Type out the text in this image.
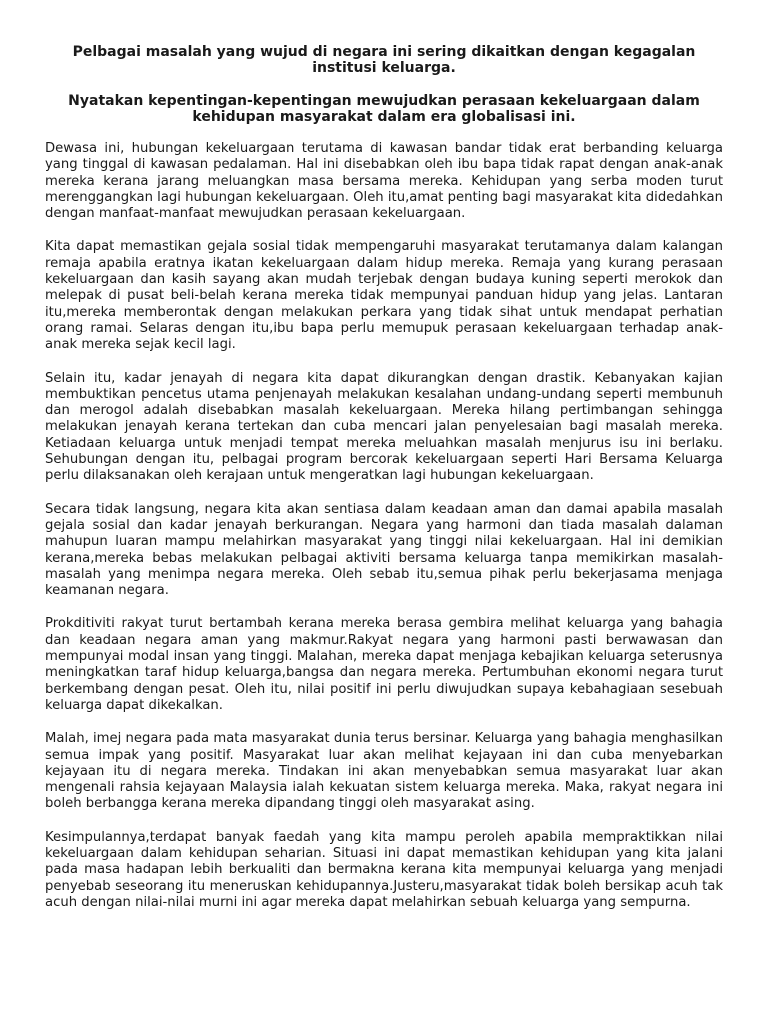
Pelbagai masalah yang wujud di negara ini sering dikaitkan dengan kegagalan institusi keluarga.

Nyatakan kepentingan-kepentingan mewujudkan perasaan kekeluargaan dalam kehidupan masyarakat dalam era globalisasi ini.

Dewasa ini, hubungan kekeluargaan terutama di kawasan bandar tidak erat berbanding keluarga yang tinggal di kawasan pedalaman. Hal ini disebabkan oleh ibu bapa tidak rapat dengan anak-anak mereka kerana jarang meluangkan masa bersama mereka. Kehidupan yang serba moden turut merenggangkan lagi hubungan kekeluargaan. Oleh itu,amat penting bagi masyarakat kita didedahkan dengan manfaat-manfaat mewujudkan perasaan kekeluargaan.

Kita dapat memastikan gejala sosial tidak mempengaruhi masyarakat terutamanya dalam kalangan remaja apabila eratnya ikatan kekeluargaan dalam hidup mereka. Remaja yang kurang perasaan kekeluargaan dan kasih sayang akan mudah terjebak dengan budaya kuning seperti merokok dan melepak di pusat beli-belah kerana mereka tidak mempunyai panduan hidup yang jelas. Lantaran itu,mereka memberontak dengan melakukan perkara yang tidak sihat untuk mendapat perhatian orang ramai. Selaras dengan itu,ibu bapa perlu memupuk perasaan kekeluargaan terhadap anak-anak mereka sejak kecil lagi.

Selain itu, kadar jenayah di negara kita dapat dikurangkan dengan drastik. Kebanyakan kajian membuktikan pencetus utama penjenayah melakukan kesalahan undang-undang seperti membunuh dan merogol adalah disebabkan masalah kekeluargaan. Mereka hilang pertimbangan sehingga melakukan jenayah kerana tertekan dan cuba mencari jalan penyelesaian bagi masalah mereka. Ketiadaan keluarga untuk menjadi tempat mereka meluahkan masalah menjurus isu ini berlaku. Sehubungan dengan itu, pelbagai program bercorak kekeluargaan seperti Hari Bersama Keluarga perlu dilaksanakan oleh kerajaan untuk mengeratkan lagi hubungan kekeluargaan.

Secara tidak langsung, negara kita akan sentiasa dalam keadaan aman dan damai apabila masalah gejala sosial dan kadar jenayah berkurangan. Negara yang harmoni dan tiada masalah dalaman mahupun luaran mampu melahirkan masyarakat yang tinggi nilai kekeluargaan. Hal ini demikian kerana,mereka bebas melakukan pelbagai aktiviti bersama keluarga tanpa memikirkan masalah-masalah yang menimpa negara mereka. Oleh sebab itu,semua pihak perlu bekerjasama menjaga keamanan negara.

Prokditiviti rakyat turut bertambah kerana mereka berasa gembira melihat keluarga yang bahagia dan keadaan negara aman yang makmur.Rakyat negara yang harmoni pasti berwawasan dan mempunyai modal insan yang tinggi. Malahan, mereka dapat menjaga kebajikan keluarga seterusnya meningkatkan taraf hidup keluarga,bangsa dan negara mereka. Pertumbuhan ekonomi negara turut berkembang dengan pesat. Oleh itu, nilai positif ini perlu diwujudkan supaya kebahagiaan sesebuah keluarga dapat dikekalkan.

Malah, imej negara pada mata masyarakat dunia terus bersinar. Keluarga yang bahagia menghasilkan semua impak yang positif. Masyarakat luar akan melihat kejayaan ini dan cuba menyebarkan kejayaan itu di negara mereka. Tindakan ini akan menyebabkan semua masyarakat luar akan mengenali rahsia kejayaan Malaysia ialah kekuatan sistem keluarga mereka. Maka, rakyat negara ini boleh berbangga kerana mereka dipandang tinggi oleh masyarakat asing.

Kesimpulannya,terdapat banyak faedah yang kita mampu peroleh apabila mempraktikkan nilai kekeluargaan dalam kehidupan seharian. Situasi ini dapat memastikan kehidupan yang kita jalani pada masa hadapan lebih berkualiti dan bermakna kerana kita mempunyai keluarga yang menjadi penyebab seseorang itu meneruskan kehidupannya.Justeru,masyarakat tidak boleh bersikap acuh tak acuh dengan nilai-nilai murni ini agar mereka dapat melahirkan sebuah keluarga yang sempurna.
